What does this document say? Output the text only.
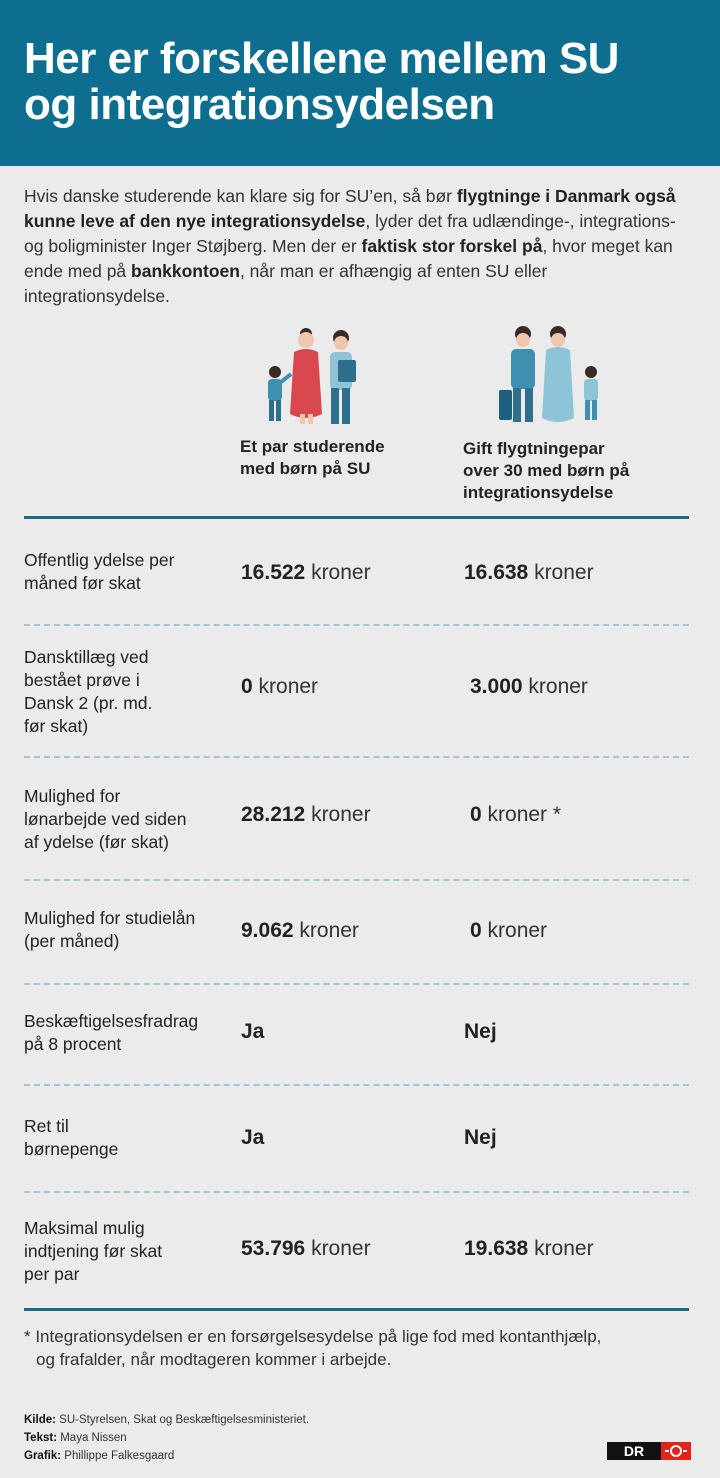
Her er forskellene mellem SU
og integrationsydelsen
Hvis danske studerende kan klare sig for SU’en, så bør flygtninge i Danmark også kunne leve af den nye integrationsydelse, lyder det fra udlændinge-, integrations- og boligminister Inger Støjberg. Men der er faktisk stor forskel på, hvor meget kan ende med på bankkontoen, når man er afhængig af enten SU eller integrationsydelse.
Et par studerende
med børn på SU
Gift flygtningepar
over 30 med børn på
integrationsydelse
Offentlig ydelse per
måned før skat	16.522 kroner	16.638 kroner
Dansktillæg ved
bestået prøve i
Dansk 2 (pr. md.
før skat)
0 kroner	3.000 kroner
Mulighed for
lønarbejde ved siden
af ydelse (før skat)
28.212 kroner	0 kroner *
Mulighed for studielån
(per måned)	9.062 kroner	0 kroner
Beskæftigelsesfradrag
på 8 procent
Ja	Nej
Ret til
børnepenge	Ja	Nej
Maksimal mulig
indtjening før skat
per par
53.796 kroner	19.638 kroner
* Integrationsydelsen er en forsørgelsesydelse på lige fod med kontanthjælp,
og frafalder, når modtageren kommer i arbejde.
Kilde: SU-Styrelsen, Skat og Beskæftigelsesministeriet.
Tekst: Maya Nissen
Grafik: Phillippe Falkesgaard	DR
